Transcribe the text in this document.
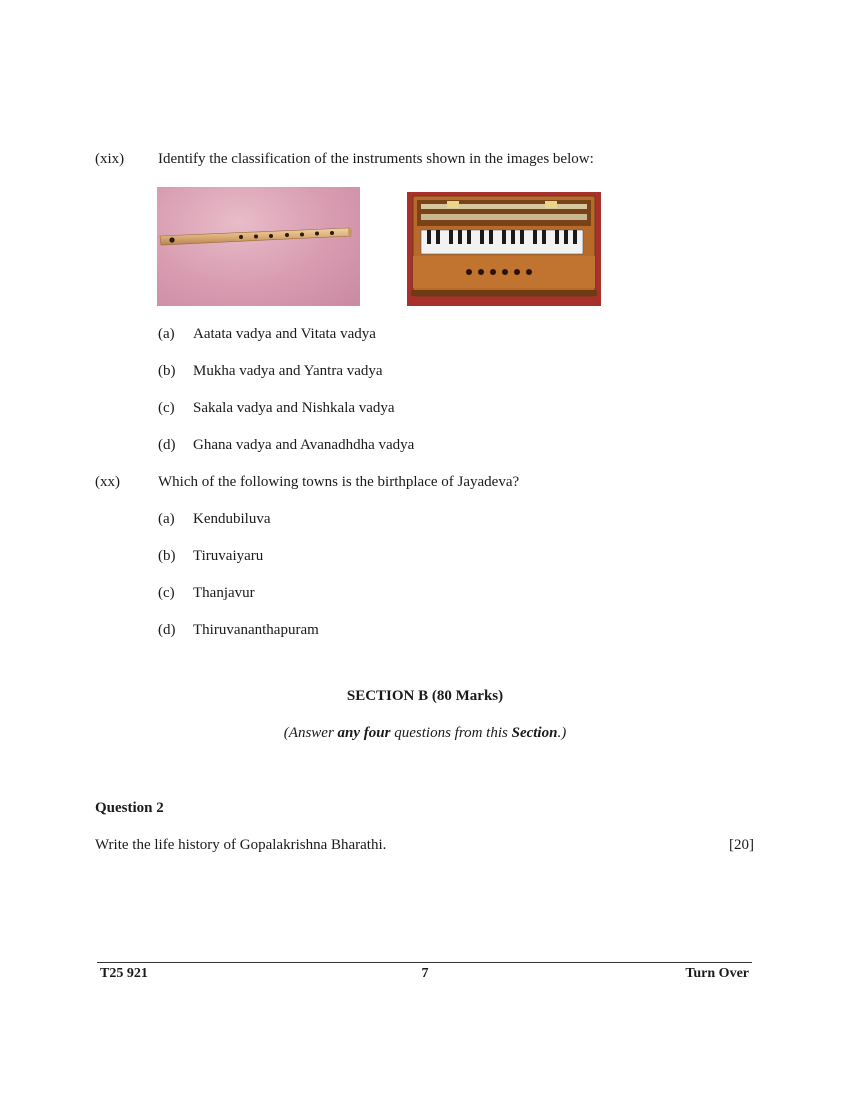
(xix) Identify the classification of the instruments shown in the images below:
(a) Aatata vadya and Vitata vadya
(b) Mukha vadya and Yantra vadya
(c) Sakala vadya and Nishkala vadya
(d) Ghana vadya and Avanadhdha vadya
(xx)	Which of the following towns is the birthplace of Jayadeva?
(a) Kendubiluva
(b) Tiruvaiyaru
(c) Thanjavur
(d) Thiruvananthapuram
SECTION B (80 Marks)
(Answer any four questions from this Section.)
Question 2
Write the life history of Gopalakrishna Bharathi.	[20]
T25 921	7	Turn Over
